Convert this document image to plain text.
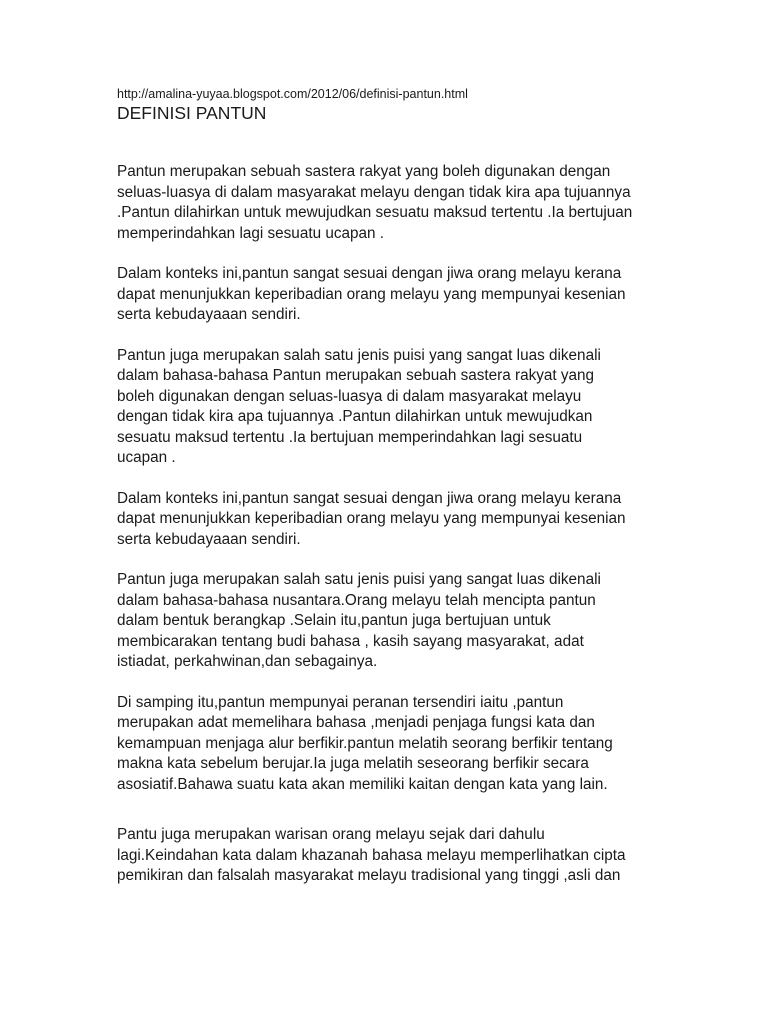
http://amalina-yuyaa.blogspot.com/2012/06/definisi-pantun.html

DEFINISI PANTUN

Pantun merupakan sebuah sastera rakyat yang boleh digunakan dengan
seluas-luasya di dalam masyarakat melayu dengan tidak kira apa tujuannya
.Pantun dilahirkan untuk mewujudkan sesuatu maksud tertentu .Ia bertujuan
memperindahkan lagi sesuatu ucapan .

Dalam konteks ini,pantun sangat sesuai dengan jiwa orang melayu kerana
dapat menunjukkan keperibadian orang melayu yang mempunyai kesenian
serta kebudayaaan sendiri.

Pantun juga merupakan salah satu jenis puisi yang sangat luas dikenali
dalam bahasa-bahasa Pantun merupakan sebuah sastera rakyat yang
boleh digunakan dengan seluas-luasya di dalam masyarakat melayu
dengan tidak kira apa tujuannya .Pantun dilahirkan untuk mewujudkan
sesuatu maksud tertentu .Ia bertujuan memperindahkan lagi sesuatu
ucapan .

Dalam konteks ini,pantun sangat sesuai dengan jiwa orang melayu kerana
dapat menunjukkan keperibadian orang melayu yang mempunyai kesenian
serta kebudayaaan sendiri.

Pantun juga merupakan salah satu jenis puisi yang sangat luas dikenali
dalam bahasa-bahasa nusantara.Orang melayu telah mencipta pantun
dalam bentuk berangkap .Selain itu,pantun juga bertujuan untuk
membicarakan tentang budi bahasa , kasih sayang masyarakat, adat
istiadat, perkahwinan,dan sebagainya.

Di samping itu,pantun mempunyai peranan tersendiri iaitu ,pantun
merupakan adat memelihara bahasa ,menjadi penjaga fungsi kata dan
kemampuan menjaga alur berfikir.pantun melatih seorang berfikir tentang
makna kata sebelum berujar.Ia juga melatih seseorang berfikir secara
asosiatif.Bahawa suatu kata akan memiliki kaitan dengan kata yang lain.

Pantu juga merupakan warisan orang melayu sejak dari dahulu
lagi.Keindahan kata dalam khazanah bahasa melayu memperlihatkan cipta
pemikiran dan falsalah masyarakat melayu tradisional yang tinggi ,asli dan
